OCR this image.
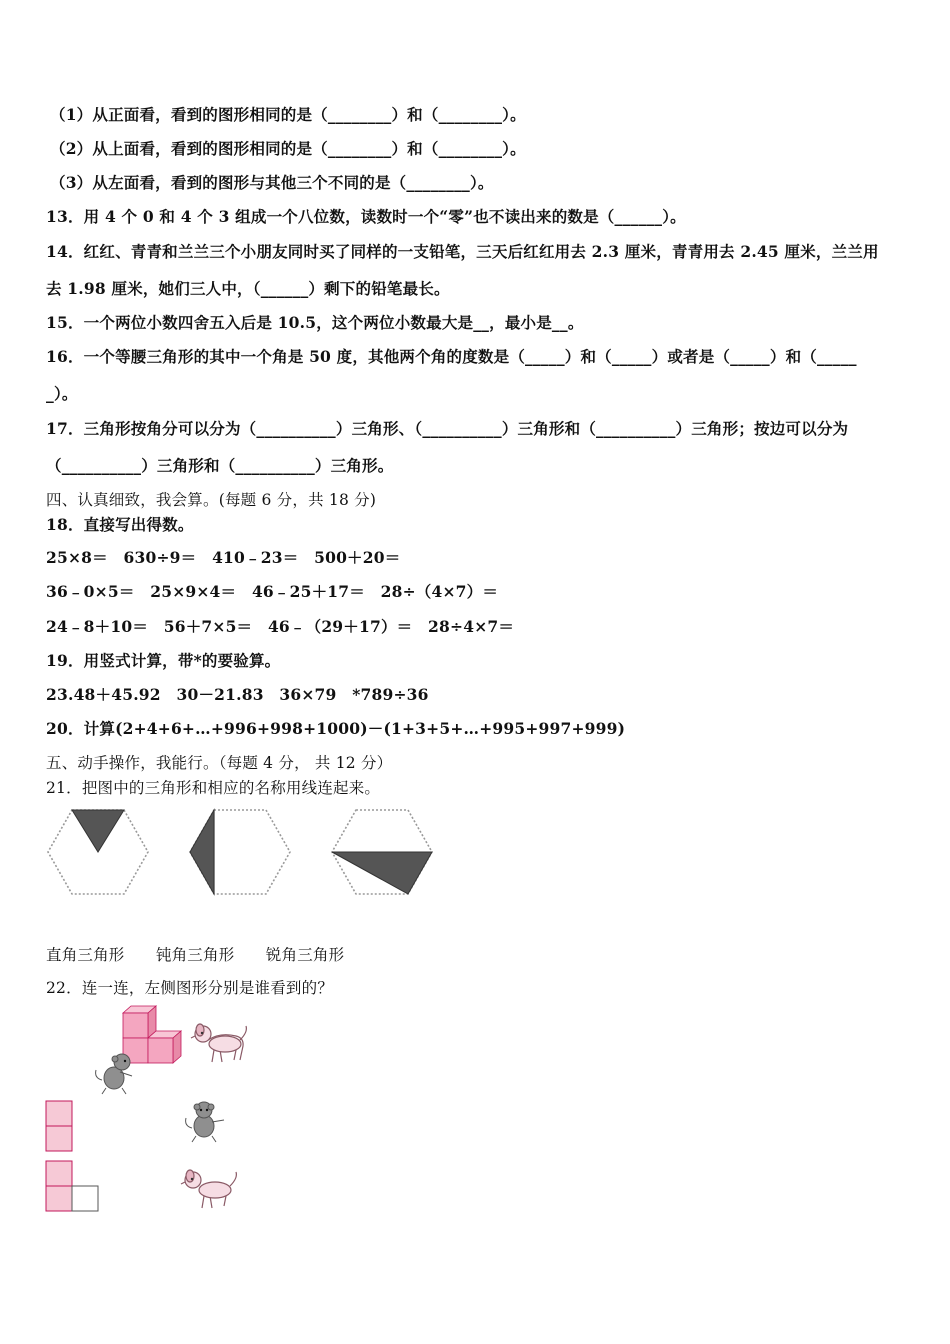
（1）从正面看，看到的图形相同的是（________）和（________）。
（2）从上面看，看到的图形相同的是（________）和（________）。
（3）从左面看，看到的图形与其他三个不同的是（________）。
13．用 4 个 0 和 4 个 3 组成一个八位数，读数时一个“零”也不读出来的数是（______）。
14．红红、青青和兰兰三个小朋友同时买了同样的一支铅笔，三天后红红用去 2.3 厘米，青青用去 2.45 厘米，兰兰用
去 1.98 厘米，她们三人中，（______）剩下的铅笔最长。
15．一个两位小数四舍五入后是 10.5，这个两位小数最大是__，最小是__。
16．一个等腰三角形的其中一个角是 50 度，其他两个角的度数是（_____）和（_____）或者是（_____）和（_____
_）。
17．三角形按角分可以分为（__________）三角形、（__________）三角形和（__________）三角形；按边可以分为
（__________）三角形和（__________）三角形。
四、认真细致，我会算。(每题 6 分，共 18 分)
18．直接写出得数。
25×8＝　630÷9＝　410﹣23＝　500＋20＝
36﹣0×5＝　25×9×4＝　46﹣25＋17＝　28÷（4×7）＝
24﹣8＋10＝　56＋7×5＝　46﹣（29＋17）＝　28÷4×7＝
19．用竖式计算，带*的要验算。
23.48＋45.92　30－21.83　36×79　*789÷36
20．计算(2+4+6+…+996+998+1000)－(1+3+5+…+995+997+999)
五、动手操作，我能行。（每题 4 分， 共 12 分）
21．把图中的三角形和相应的名称用线连起来。
直角三角形　　钝角三角形　　锐角三角形
22．连一连，左侧图形分别是谁看到的？
